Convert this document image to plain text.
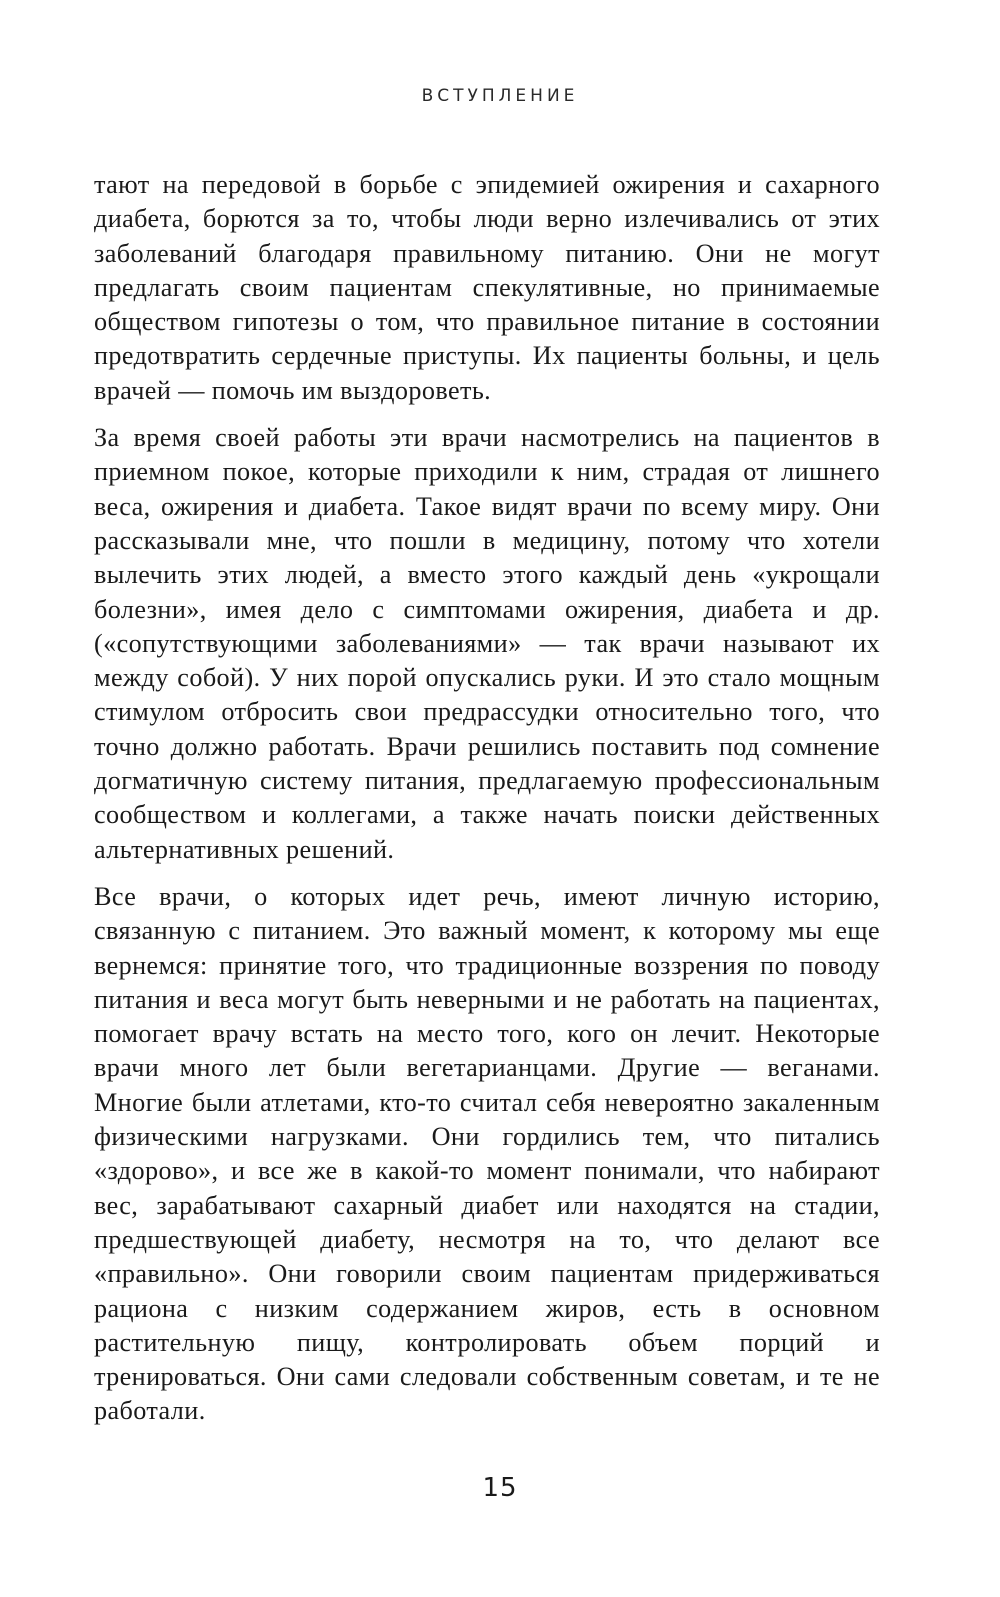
ВСТУПЛЕНИЕ

тают на передовой в борьбе с эпидемией ожирения и сахарного диабета, борются за то, чтобы люди верно излечивались от этих заболеваний благодаря правильному питанию. Они не могут предлагать своим пациентам спекулятивные, но принимаемые обществом гипотезы о том, что правильное питание в состоянии предотвратить сердечные приступы. Их пациенты больны, и цель врачей — помочь им выздороветь.

За время своей работы эти врачи насмотрелись на пациентов в приемном покое, которые приходили к ним, страдая от лишнего веса, ожирения и диабета. Такое видят врачи по всему миру. Они рассказывали мне, что пошли в медицину, потому что хотели вылечить этих людей, а вместо этого каждый день «укрощали болезни», имея дело с симптомами ожирения, диабета и др. («сопутствующими заболеваниями» — так врачи называют их между собой). У них порой опускались руки. И это стало мощным стимулом отбросить свои предрассудки относительно того, что точно должно работать. Врачи решились поставить под сомнение догматичную систему питания, предлагаемую профессиональным сообществом и коллегами, а также начать поиски действенных альтернативных решений.

Все врачи, о которых идет речь, имеют личную историю, связанную с питанием. Это важный момент, к которому мы еще вернемся: принятие того, что традиционные воззрения по поводу питания и веса могут быть неверными и не работать на пациентах, помогает врачу встать на место того, кого он лечит. Некоторые врачи много лет были вегетарианцами. Другие — веганами. Многие были атлетами, кто-то считал себя невероятно закаленным физическими нагрузками. Они гордились тем, что питались «здорово», и все же в какой-то момент понимали, что набирают вес, зарабатывают сахарный диабет или находятся на стадии, предшествующей диабету, несмотря на то, что делают все «правильно». Они говорили своим пациентам придерживаться рациона с низким содержанием жиров, есть в основном растительную пищу, контролировать объем порций и тренироваться. Они сами следовали собственным советам, и те не работали.

15
